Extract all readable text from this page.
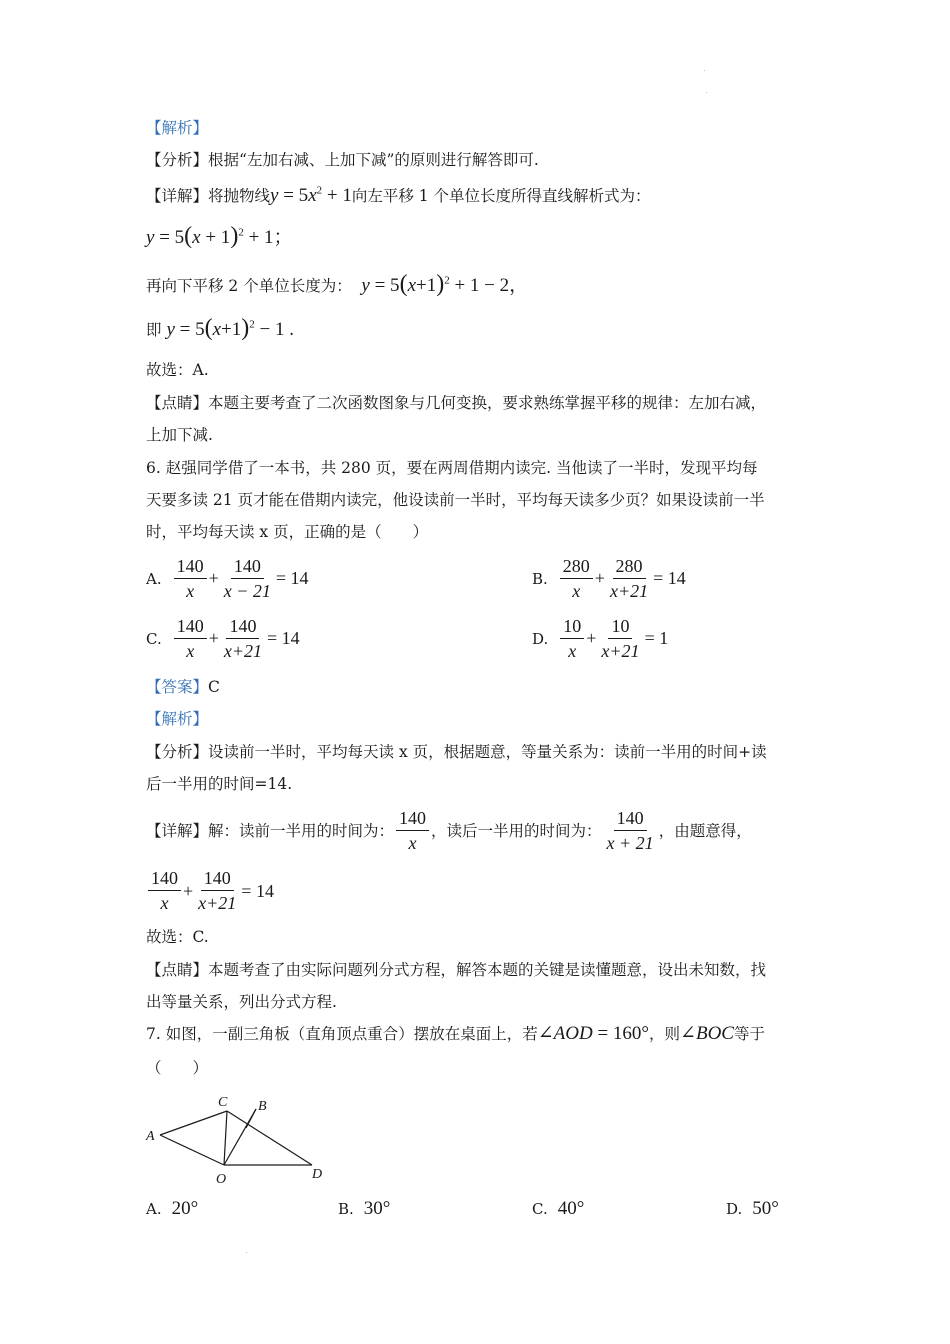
【解析】
【分析】根据“左加右减、上加下减”的原则进行解答即可.
【详解】将抛物线$y = 5x^2 + 1$向左平移 1 个单位长度所得直线解析式为：
$y = 5(x + 1)^2 + 1$；
再向下平移 2 个单位长度为： $y = 5(x+1)^2 + 1 - 2$，
即 $y = 5(x+1)^2 - 1$ .
故选：A.
【点睛】本题主要考查了二次函数图象与几何变换，要求熟练掌握平移的规律：左加右减，
上加下减.
6. 赵强同学借了一本书，共 280 页，要在两周借期内读完. 当他读了一半时，发现平均每
天要多读 21 页才能在借期内读完，他设读前一半时，平均每天读多少页？如果设读前一半
时，平均每天读 x 页，正确的是（　　）
A. $\frac{140}{x} + \frac{140}{x - 21} = 14$	B. $\frac{280}{x} + \frac{280}{x+21} = 14$
C. $\frac{140}{x} + \frac{140}{x+21} = 14$	D. $\frac{10}{x} + \frac{10}{x+21} = 1$
【答案】C
【解析】
【分析】设读前一半时，平均每天读 x 页，根据题意，等量关系为：读前一半用的时间+读
后一半用的时间=14.
【详解】 解：读前一半用的时间为： $\frac{140}{x}$ ，读后一半用的时间为： $\frac{140}{x + 21}$ ，由题意得，
$\frac{140}{x} + \frac{140}{x+21} = 14$
故选：C.
【点睛】本题考查了由实际问题列分式方程，解答本题的关键是读懂题意，设出未知数，找
出等量关系，列出分式方程.
7. 如图，一副三角板（直角顶点重合）摆放在桌面上，若∠AOD = 160°，则∠BOC等于
（　　）
A
C B
O	D
A. 20°	B. 30°	C. 40°	D. 50°
